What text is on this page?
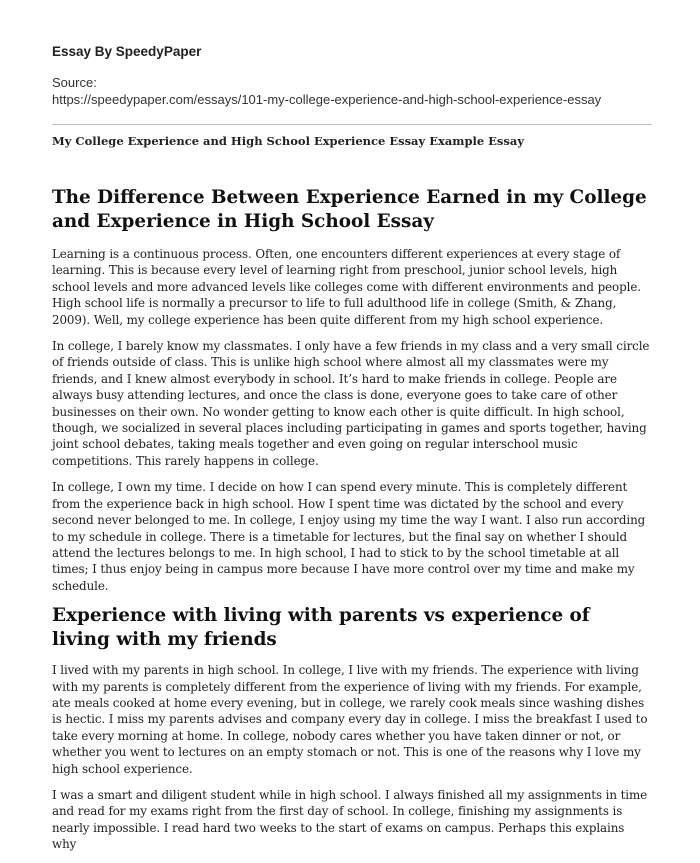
Essay By SpeedyPaper
Source:
https://speedypaper.com/essays/101-my-college-experience-and-high-school-experience-essay
My College Experience and High School Experience Essay Example Essay
The Difference Between Experience Earned in my College and Experience in High School Essay

Learning is a continuous process. Often, one encounters different experiences at every stage of learning. This is because every level of learning right from preschool, junior school levels, high school levels and more advanced levels like colleges come with different environments and people. High school life is normally a precursor to life to full adulthood life in college (Smith, & Zhang, 2009). Well, my college experience has been quite different from my high school experience.

In college, I barely know my classmates. I only have a few friends in my class and a very small circle of friends outside of class. This is unlike high school where almost all my classmates were my friends, and I knew almost everybody in school. It’s hard to make friends in college. People are always busy attending lectures, and once the class is done, everyone goes to take care of other businesses on their own. No wonder getting to know each other is quite difficult. In high school, though, we socialized in several places including participating in games and sports together, having joint school debates, taking meals together and even going on regular interschool music competitions. This rarely happens in college.

In college, I own my time. I decide on how I can spend every minute. This is completely different from the experience back in high school. How I spent time was dictated by the school and every second never belonged to me. In college, I enjoy using my time the way I want. I also run according to my schedule in college. There is a timetable for lectures, but the final say on whether I should attend the lectures belongs to me. In high school, I had to stick to by the school timetable at all times; I thus enjoy being in campus more because I have more control over my time and make my schedule.

Experience with living with parents vs experience of living with my friends

I lived with my parents in high school. In college, I live with my friends. The experience with living with my parents is completely different from the experience of living with my friends. For example, ate meals cooked at home every evening, but in college, we rarely cook meals since washing dishes is hectic. I miss my parents advises and company every day in college. I miss the breakfast I used to take every morning at home. In college, nobody cares whether you have taken dinner or not, or whether you went to lectures on an empty stomach or not. This is one of the reasons why I love my high school experience.

I was a smart and diligent student while in high school. I always finished all my assignments in time and read for my exams right from the first day of school. In college, finishing my assignments is nearly impossible. I read hard two weeks to the start of exams on campus. Perhaps this explains why
